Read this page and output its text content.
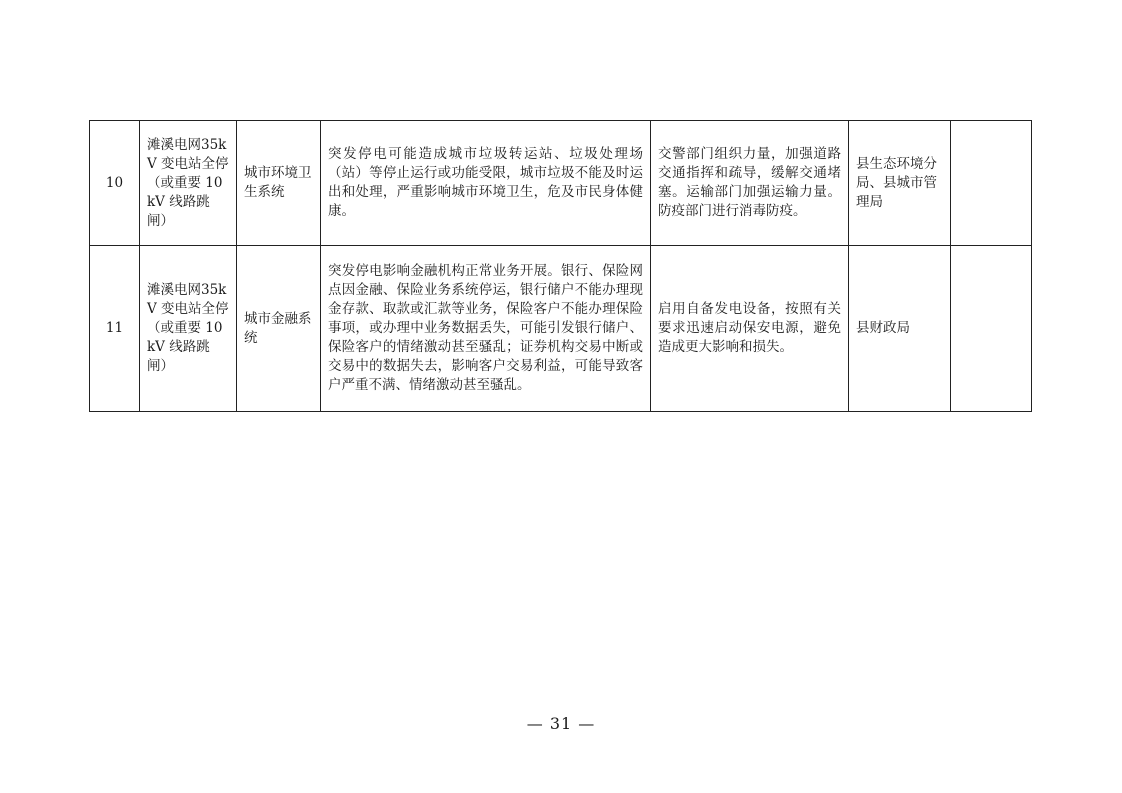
10	滩溪电网35kV 变电站全停（或重要 10kV 线路跳闸）	城市环境卫生系统	突发停电可能造成城市垃圾转运站、垃圾处理场（站）等停止运行或功能受限，城市垃圾不能及时运出和处理，严重影响城市环境卫生，危及市民身体健康。	交警部门组织力量，加强道路交通指挥和疏导，缓解交通堵塞。运输部门加强运输力量。防疫部门进行消毒防疫。	县生态环境分局、县城市管理局	
11	滩溪电网35kV 变电站全停（或重要 10kV 线路跳闸）	城市金融系统	突发停电影响金融机构正常业务开展。银行、保险网点因金融、保险业务系统停运，银行储户不能办理现金存款、取款或汇款等业务，保险客户不能办理保险事项，或办理中业务数据丢失，可能引发银行储户、保险客户的情绪激动甚至骚乱；证券机构交易中断或交易中的数据失去，影响客户交易利益，可能导致客户严重不满、情绪激动甚至骚乱。	启用自备发电设备，按照有关要求迅速启动保安电源，避免造成更大影响和损失。	县财政局	
— 31 —
